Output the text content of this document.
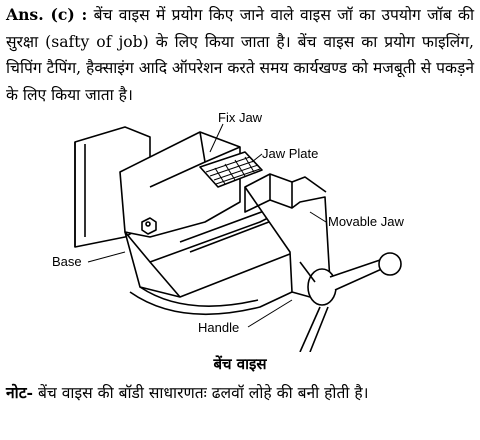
Ans. (c) : बेंच वाइस में प्रयोग किए जाने वाले वाइस जॉ का उपयोग जॉब की सुरक्षा (safty of job) के लिए किया जाता है। बेंच वाइस का प्रयोग फाइलिंग, चिपिंग टैपिंग, हैक्साइंग आदि ऑपरेशन करते समय कार्यखण्ड को मजबूती से पकड़ने के लिए किया जाता है।
Fix Jaw
Jaw Plate
Movable Jaw
Base
Handle
बेंच वाइस
नोट- बेंच वाइस की बॉडी साधारणतः ढलवॉ लोहे की बनी होती है।
